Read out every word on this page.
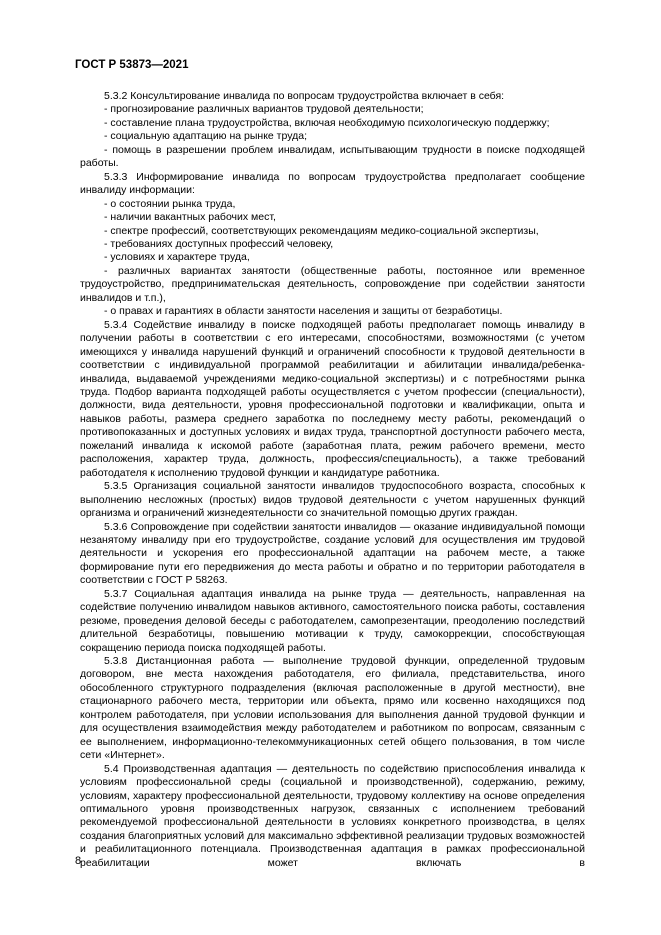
ГОСТ Р 53873—2021

5.3.2 Консультирование инвалида по вопросам трудоустройства включает в себя:

- прогнозирование различных вариантов трудовой деятельности;

- составление плана трудоустройства, включая необходимую психологическую поддержку;

- социальную адаптацию на рынке труда;

- помощь в разрешении проблем инвалидам, испытывающим трудности в поиске подходящей работы.

5.3.3 Информирование инвалида по вопросам трудоустройства предполагает сообщение инвалиду информации:

- о состоянии рынка труда,

- наличии вакантных рабочих мест,

- спектре профессий, соответствующих рекомендациям медико-социальной экспертизы,

- требованиях доступных профессий человеку,

- условиях и характере труда,

- различных вариантах занятости (общественные работы, постоянное или временное трудоустройство, предпринимательская деятельность, сопровождение при содействии занятости инвалидов и т.п.),

- о правах и гарантиях в области занятости населения и защиты от безработицы.

5.3.4 Содействие инвалиду в поиске подходящей работы предполагает помощь инвалиду в получении работы в соответствии с его интересами, способностями, возможностями (с учетом имеющихся у инвалида нарушений функций и ограничений способности к трудовой деятельности в соответствии с индивидуальной программой реабилитации и абилитации инвалида/ребенка-инвалида, выдаваемой учреждениями медико-социальной экспертизы) и с потребностями рынка труда. Подбор варианта подходящей работы осуществляется с учетом профессии (специальности), должности, вида деятельности, уровня профессиональной подготовки и квалификации, опыта и навыков работы, размера среднего заработка по последнему месту работы, рекомендаций о противопоказанных и доступных условиях и видах труда, транспортной доступности рабочего места, пожеланий инвалида к искомой работе (заработная плата, режим рабочего времени, место расположения, характер труда, должность, профессия/специальность), а также требований работодателя к исполнению трудовой функции и кандидатуре работника.

5.3.5 Организация социальной занятости инвалидов трудоспособного возраста, способных к выполнению несложных (простых) видов трудовой деятельности с учетом нарушенных функций организма и ограничений жизнедеятельности со значительной помощью других граждан.

5.3.6 Сопровождение при содействии занятости инвалидов — оказание индивидуальной помощи незанятому инвалиду при его трудоустройстве, создание условий для осуществления им трудовой деятельности и ускорения его профессиональной адаптации на рабочем месте, а также формирование пути его передвижения до места работы и обратно и по территории работодателя в соответствии с ГОСТ Р 58263.

5.3.7 Социальная адаптация инвалида на рынке труда — деятельность, направленная на содействие получению инвалидом навыков активного, самостоятельного поиска работы, составления резюме, проведения деловой беседы с работодателем, самопрезентации, преодолению последствий длительной безработицы, повышению мотивации к труду, самокоррекции, способствующая сокращению периода поиска подходящей работы.

5.3.8 Дистанционная работа — выполнение трудовой функции, определенной трудовым договором, вне места нахождения работодателя, его филиала, представительства, иного обособленного структурного подразделения (включая расположенные в другой местности), вне стационарного рабочего места, территории или объекта, прямо или косвенно находящихся под контролем работодателя, при условии использования для выполнения данной трудовой функции и для осуществления взаимодействия между работодателем и работником по вопросам, связанным с ее выполнением, информационно-телекоммуникационных сетей общего пользования, в том числе сети «Интернет».

5.4 Производственная адаптация — деятельность по содействию приспособления инвалида к условиям профессиональной среды (социальной и производственной), содержанию, режиму, условиям, характеру профессиональной деятельности, трудовому коллективу на основе определения оптимального уровня производственных нагрузок, связанных с исполнением требований рекомендуемой профессиональной деятельности в условиях конкретного производства, в целях создания благоприятных условий для максимально эффективной реализации трудовых возможностей и реабилитационного потенциала. Производственная адаптация в рамках профессиональной реабилитации может включать в

8
